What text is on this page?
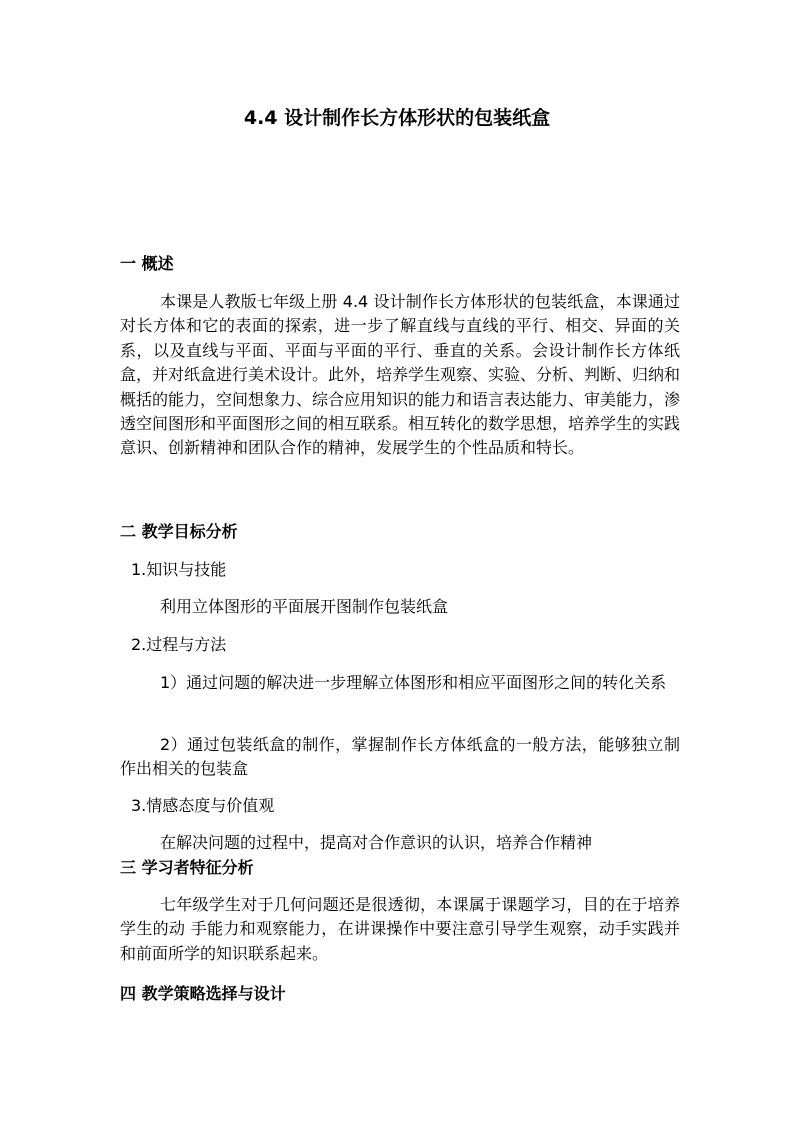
4.4 设计制作长方体形状的包装纸盒
一 概述
本课是人教版七年级上册 4.4 设计制作长方体形状的包装纸盒，本课通过对长方体和它的表面的探索，进一步了解直线与直线的平行、相交、异面的关系，以及直线与平面、平面与平面的平行、垂直的关系。会设计制作长方体纸盒，并对纸盒进行美术设计。此外，培养学生观察、实验、分析、判断、归纳和概括的能力，空间想象力、综合应用知识的能力和语言表达能力、审美能力，渗透空间图形和平面图形之间的相互联系。相互转化的数学思想，培养学生的实践意识、创新精神和团队合作的精神，发展学生的个性品质和特长。
二 教学目标分析
1.知识与技能
利用立体图形的平面展开图制作包装纸盒
2.过程与方法
1）通过问题的解决进一步理解立体图形和相应平面图形之间的转化关系
2）通过包装纸盒的制作，掌握制作长方体纸盒的一般方法，能够独立制作出相关的包装盒
3.情感态度与价值观
在解决问题的过程中，提高对合作意识的认识，培养合作精神
三 学习者特征分析
七年级学生对于几何问题还是很透彻，本课属于课题学习，目的在于培养学生的动 手能力和观察能力，在讲课操作中要注意引导学生观察，动手实践并和前面所学的知识联系起来。
四 教学策略选择与设计
